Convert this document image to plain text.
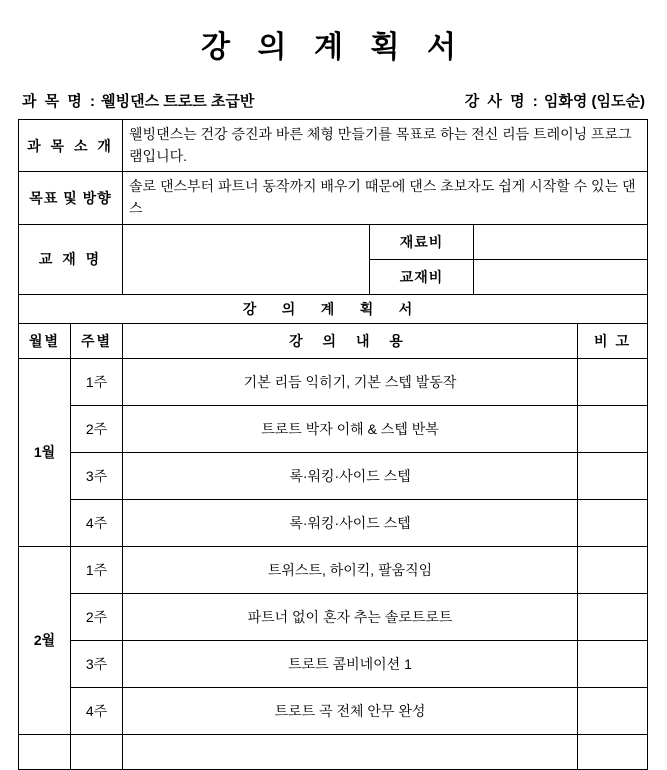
강 의 계 획 서
과 목 명 : 웰빙댄스 트로트 초급반	강 사 명 : 임화영 (임도순)
과 목 소 개		웰빙댄스는 건강 증진과 바른 체형 만들기를 목표로 하는 전신 리듬 트레이닝 프로그램입니다.			
목표 및 방향		솔로 댄스부터 파트너 동작까지 배우기 때문에 댄스 초보자도 쉽게 시작할 수 있는 댄스			
교 재 명			재료비		
			교재비		
강 의 계 획 서					
월별	주별	강 의 내 용			비 고
1월	1주	기본 리듬 익히기, 기본 스텝 발동작			
	2주	트로트 박자 이해 & 스텝 반복			
	3주	록·워킹·사이드 스텝			
	4주	록·워킹·사이드 스텝			
2월	1주	트위스트, 하이킥, 팔움직임			
	2주	파트너 없이 혼자 추는 솔로트로트			
	3주	트로트 콤비네이션 1			
	4주	트로트 곡 전체 안무 완성			
